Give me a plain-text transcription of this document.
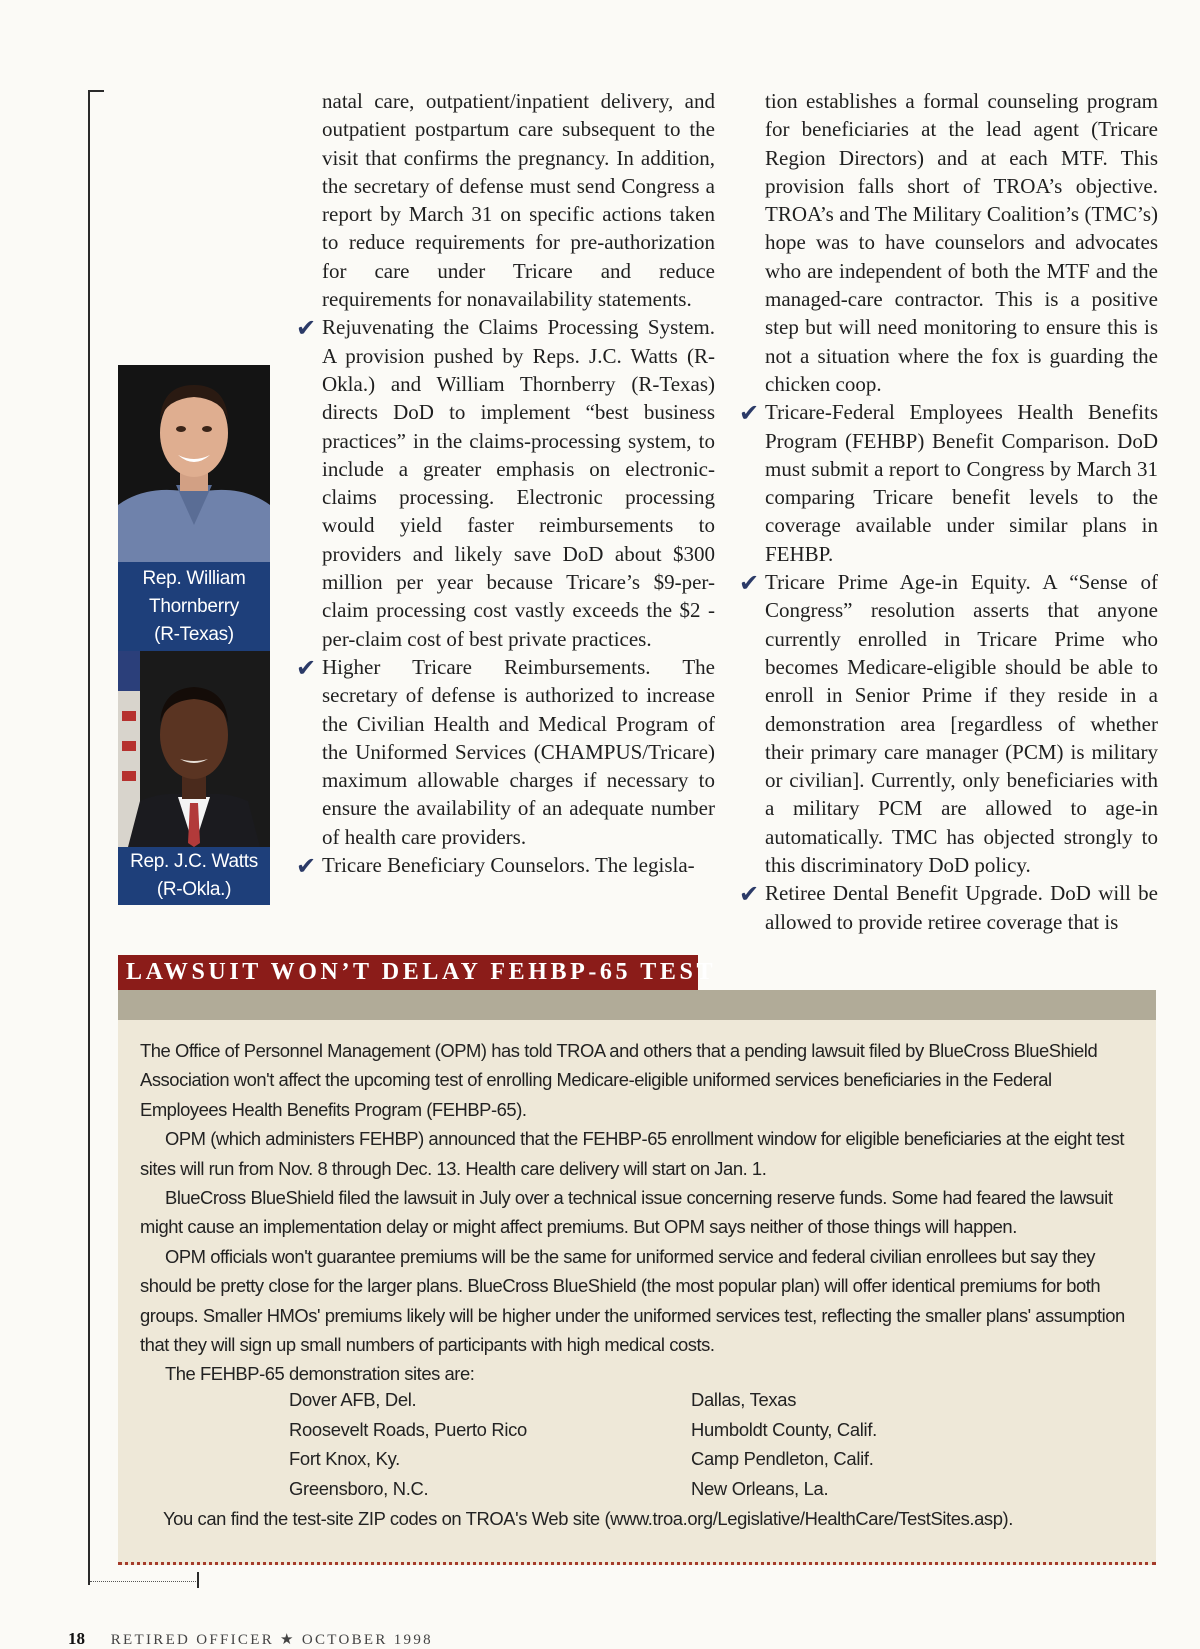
Rep. William
Thornberry
(R-Texas)
Rep. J.C. Watts
(R-Okla.)

natal care, outpatient/inpatient delivery, and outpatient postpartum care subsequent to the visit that confirms the pregnancy. In addition, the secretary of defense must send Congress a report by March 31 on specific actions taken to reduce requirements for pre-authorization for care under Tricare and reduce requirements for nonavailability statements.

✔ Rejuvenating the Claims Processing System. A provision pushed by Reps. J.C. Watts (R-Okla.) and William Thornberry (R-Texas) directs DoD to implement “best business practices” in the claims-processing system, to include a greater emphasis on electronic-claims processing. Electronic processing would yield faster reimbursements to providers and likely save DoD about $300 million per year because Tricare’s $9-per-claim processing cost vastly exceeds the $2 - per-claim cost of best private practices.

✔ Higher Tricare Reimbursements. The secretary of defense is authorized to increase the Civilian Health and Medical Program of the Uniformed Services (CHAMPUS/Tricare) maximum allowable charges if necessary to ensure the availability of an adequate number of health care providers.

✔ Tricare Beneficiary Counselors. The legisla-

tion establishes a formal counseling program for beneficiaries at the lead agent (Tricare Region Directors) and at each MTF. This provision falls short of TROA’s objective. TROA’s and The Military Coalition’s (TMC’s) hope was to have counselors and advocates who are independent of both the MTF and the managed-care contractor. This is a positive step but will need monitoring to ensure this is not a situation where the fox is guarding the chicken coop.

✔ Tricare-Federal Employees Health Benefits Program (FEHBP) Benefit Comparison. DoD must submit a report to Congress by March 31 comparing Tricare benefit levels to the coverage available under similar plans in FEHBP.

✔ Tricare Prime Age-in Equity. A “Sense of Congress” resolution asserts that anyone currently enrolled in Tricare Prime who becomes Medicare-eligible should be able to enroll in Senior Prime if they reside in a demonstration area [regardless of whether their primary care manager (PCM) is military or civilian]. Currently, only beneficiaries with a military PCM are allowed to age-in automatically. TMC has objected strongly to this discriminatory DoD policy.

✔ Retiree Dental Benefit Upgrade. DoD will be allowed to provide retiree coverage that is

LAWSUIT WON’T DELAY FEHBP-65 TEST

The Office of Personnel Management (OPM) has told TROA and others that a pending lawsuit filed by BlueCross BlueShield Association won't affect the upcoming test of enrolling Medicare-eligible uniformed services beneficiaries in the Federal Employees Health Benefits Program (FEHBP-65).

OPM (which administers FEHBP) announced that the FEHBP-65 enrollment window for eligible beneficiaries at the eight test sites will run from Nov. 8 through Dec. 13. Health care delivery will start on Jan. 1.

BlueCross BlueShield filed the lawsuit in July over a technical issue concerning reserve funds. Some had feared the lawsuit might cause an implementation delay or might affect premiums. But OPM says neither of those things will happen.

OPM officials won't guarantee premiums will be the same for uniformed service and federal civilian enrollees but say they should be pretty close for the larger plans. BlueCross BlueShield (the most popular plan) will offer identical premiums for both groups. Smaller HMOs' premiums likely will be higher under the uniformed services test, reflecting the smaller plans' assumption that they will sign up small numbers of participants with high medical costs.

The FEHBP-65 demonstration sites are:

Dover AFB, Del.
Roosevelt Roads, Puerto Rico
Fort Knox, Ky.
Greensboro, N.C.
Dallas, Texas
Humboldt County, Calif.
Camp Pendleton, Calif.
New Orleans, La.
You can find the test-site ZIP codes on TROA's Web site (www.troa.org/Legislative/HealthCare/TestSites.asp).
18 RETIRED OFFICER ★ OCTOBER 1998
